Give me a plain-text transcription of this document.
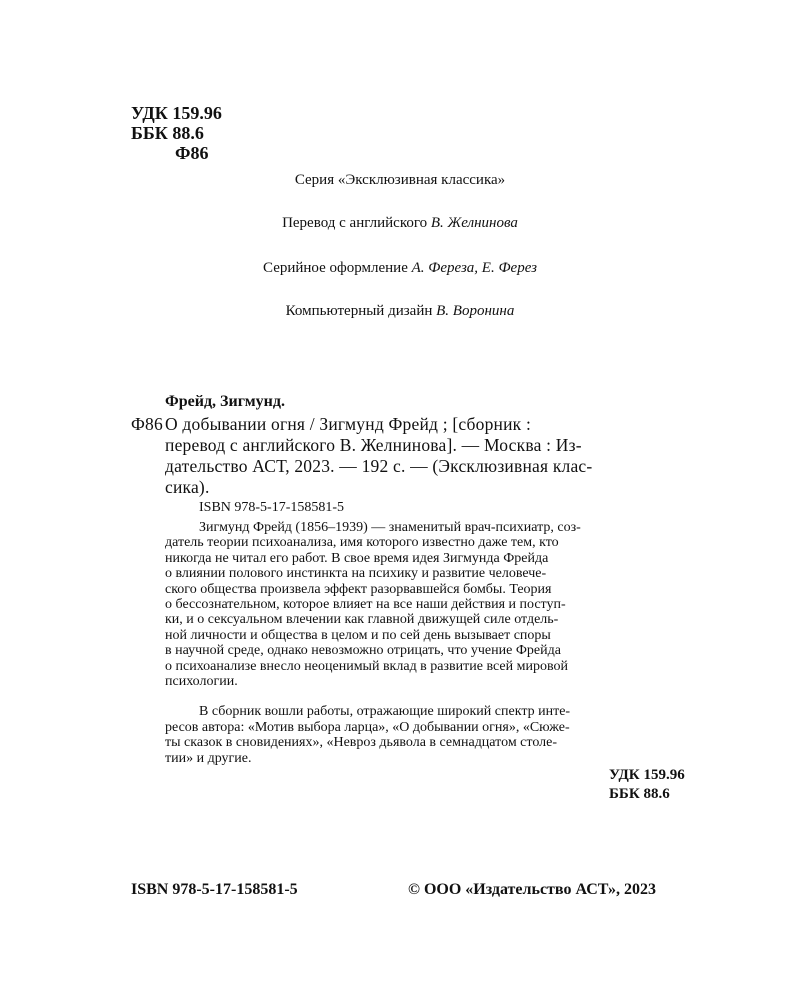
УДК 159.96
ББК 88.6
Ф86
Серия «Эксклюзивная классика»
Перевод с английского В. Желнинова
Серийное оформление А. Фереза, Е. Ферез
Компьютерный дизайн В. Воронина
Фрейд, Зигмунд.
Ф86 О добывании огня / Зигмунд Фрейд ; [сборник :
перевод с английского В. Желнинова]. — Москва : Из-
дательство АСТ, 2023. — 192 с. — (Эксклюзивная клас-
сика).
ISBN 978-5-17-158581-5

Зигмунд Фрейд (1856–1939) — знаменитый врач-психиатр, соз-
датель теории психоанализа, имя которого известно даже тем, кто
никогда не читал его работ. В свое время идея Зигмунда Фрейда
о влиянии полового инстинкта на психику и развитие человече-
ского общества произвела эффект разорвавшейся бомбы. Теория
о бессознательном, которое влияет на все наши действия и поступ-
ки, и о сексуальном влечении как главной движущей силе отдель-
ной личности и общества в целом и по сей день вызывает споры
в научной среде, однако невозможно отрицать, что учение Фрейда
о психоанализе внесло неоценимый вклад в развитие всей мировой
психологии.

В сборник вошли работы, отражающие широкий спектр инте-
ресов автора: «Мотив выбора ларца», «О добывании огня», «Сюже-
ты сказок в сновидениях», «Невроз дьявола в семнадцатом столе-
тии» и другие.

УДК 159.96
ББК 88.6
ISBN 978-5-17-158581-5	© ООО «Издательство АСТ», 2023
